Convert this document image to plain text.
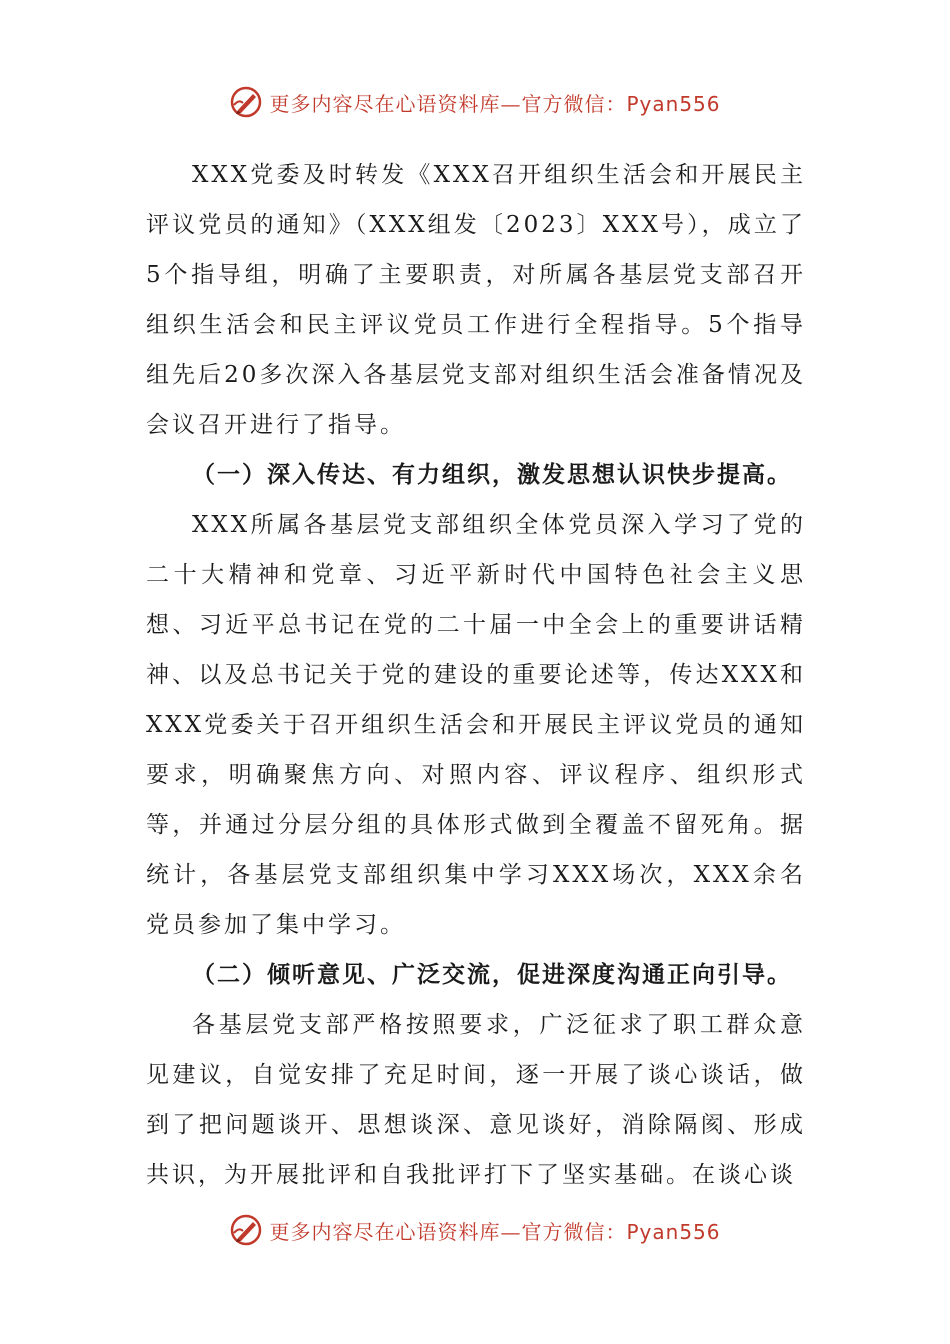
更多内容尽在心语资料库—官方微信：Pyan556

XXX党委及时转发《XXX召开组织生活会和开展民主评议党员的通知》（XXX组发〔2023〕XXX号），成立了5个指导组，明确了主要职责，对所属各基层党支部召开组织生活会和民主评议党员工作进行全程指导。5个指导组先后20多次深入各基层党支部对组织生活会准备情况及会议召开进行了指导。

（一）深入传达、有力组织，激发思想认识快步提高。

XXX所属各基层党支部组织全体党员深入学习了党的二十大精神和党章、习近平新时代中国特色社会主义思想、习近平总书记在党的二十届一中全会上的重要讲话精神、以及总书记关于党的建设的重要论述等，传达XXX和XXX党委关于召开组织生活会和开展民主评议党员的通知要求，明确聚焦方向、对照内容、评议程序、组织形式等，并通过分层分组的具体形式做到全覆盖不留死角。据统计，各基层党支部组织集中学习XXX场次，XXX余名党员参加了集中学习。

（二）倾听意见、广泛交流，促进深度沟通正向引导。

各基层党支部严格按照要求，广泛征求了职工群众意见建议，自觉安排了充足时间，逐一开展了谈心谈话，做到了把问题谈开、思想谈深、意见谈好，消除隔阂、形成共识，为开展批评和自我批评打下了坚实基础。在谈心谈

更多内容尽在心语资料库—官方微信：Pyan556
